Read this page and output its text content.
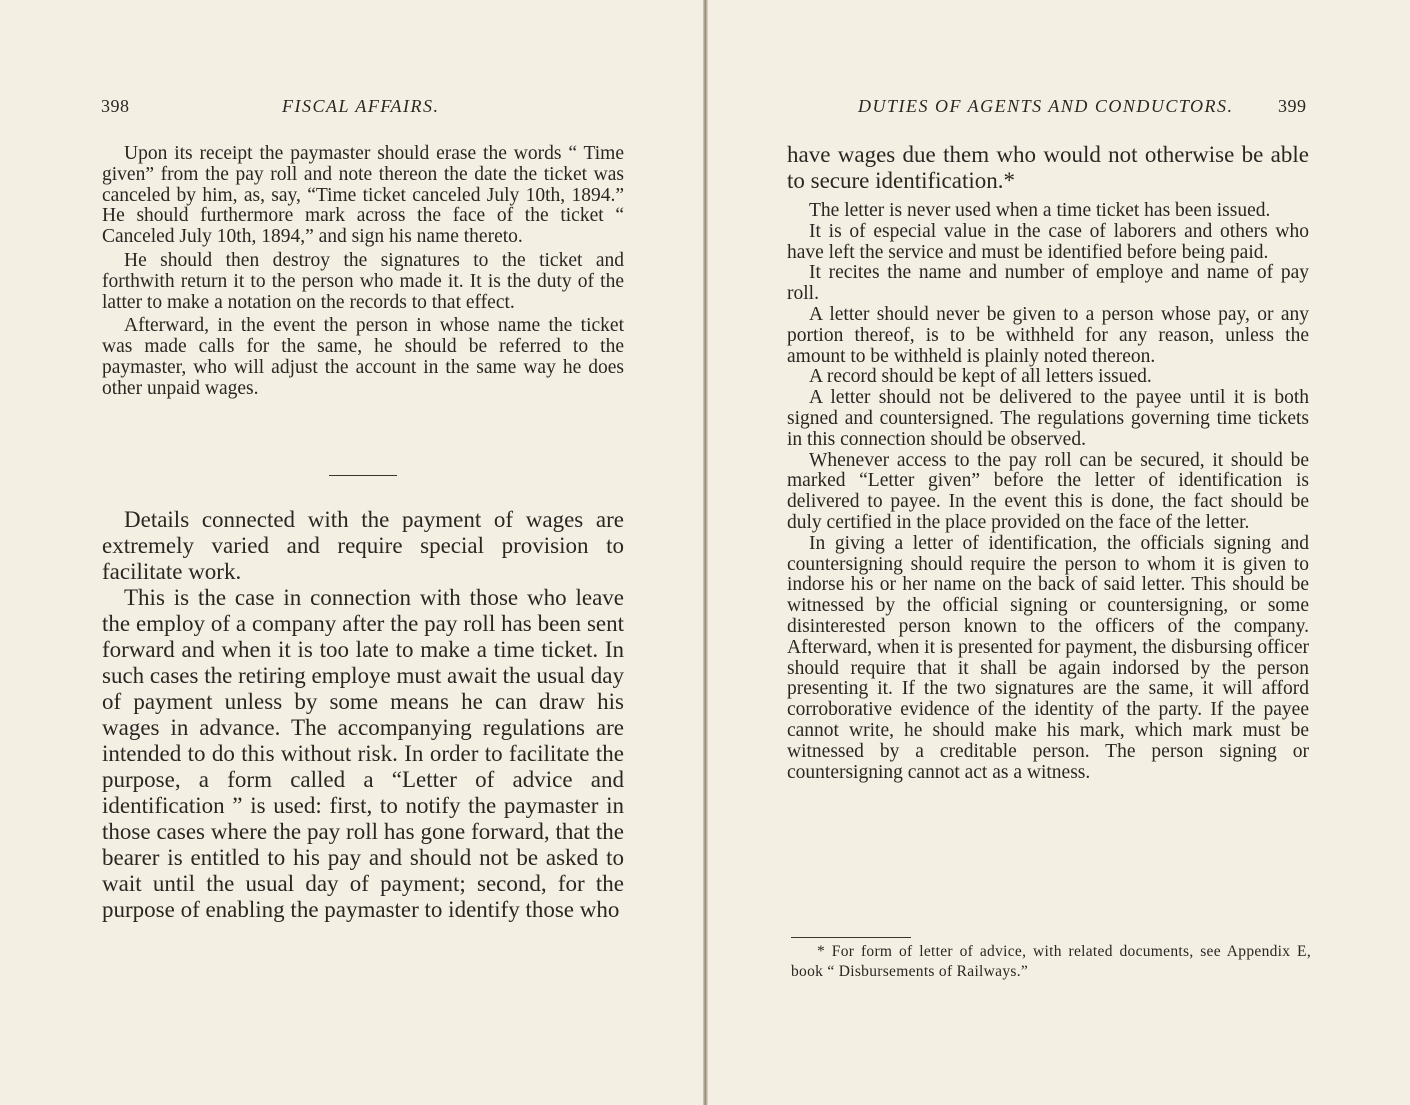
398	FISCAL AFFAIRS.

Upon its receipt the paymaster should erase the words “ Time given” from the pay roll and note thereon the date the ticket was canceled by him, as, say, “Time ticket canceled July 10th, 1894.” He should furthermore mark across the face of the ticket “ Canceled July 10th, 1894,” and sign his name thereto.

He should then destroy the signatures to the ticket and forthwith return it to the person who made it. It is the duty of the latter to make a notation on the records to that effect.

Afterward, in the event the person in whose name the ticket was made calls for the same, he should be referred to the paymaster, who will adjust the account in the same way he does other unpaid wages.

Details connected with the payment of wages are extremely varied and require special provision to facilitate work.

This is the case in connection with those who leave the employ of a company after the pay roll has been sent forward and when it is too late to make a time ticket. In such cases the retiring employe must await the usual day of payment unless by some means he can draw his wages in advance. The accompanying regulations are intended to do this without risk. In order to facilitate the purpose, a form called a “Letter of advice and identification ” is used: first, to notify the paymaster in those cases where the pay roll has gone forward, that the bearer is entitled to his pay and should not be asked to wait until the usual day of payment; second, for the purpose of enabling the paymaster to identify those who

DUTIES OF AGENTS AND CONDUCTORS. 399

have wages due them who would not otherwise be able to secure identification.*

The letter is never used when a time ticket has been issued.

It is of especial value in the case of laborers and others who have left the service and must be identified before being paid.

It recites the name and number of employe and name of pay roll.

A letter should never be given to a person whose pay, or any portion thereof, is to be withheld for any reason, unless the amount to be withheld is plainly noted thereon.

A record should be kept of all letters issued.

A letter should not be delivered to the payee until it is both signed and countersigned. The regulations governing time tickets in this connection should be observed.

Whenever access to the pay roll can be secured, it should be marked “Letter given” before the letter of identification is delivered to payee. In the event this is done, the fact should be duly certified in the place provided on the face of the letter.

In giving a letter of identification, the officials signing and countersigning should require the person to whom it is given to indorse his or her name on the back of said letter. This should be witnessed by the official signing or countersigning, or some disinterested person known to the officers of the company. Afterward, when it is presented for payment, the disbursing officer should require that it shall be again indorsed by the person presenting it. If the two signatures are the same, it will afford corroborative evidence of the identity of the party. If the payee cannot write, he should make his mark, which mark must be witnessed by a creditable person. The person signing or countersigning cannot act as a witness.

* For form of letter of advice, with related documents, see Appendix E, book “ Disbursements of Railways.”
